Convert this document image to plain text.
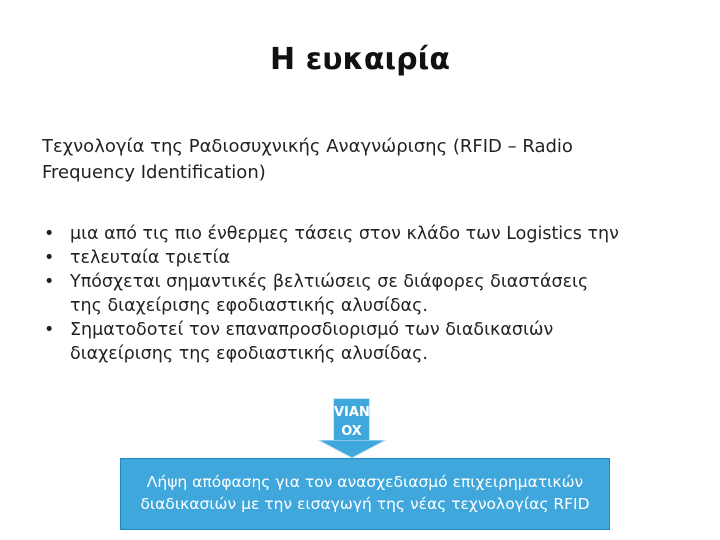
Η ευκαιρία
Τεχνολογία της Ραδιοσυχνικής Αναγνώρισης (RFID – Radio
Frequency Identification)
• μια από τις πιο ένθερμες τάσεις στον κλάδο των Logistics την
• τελευταία τριετία
• Υπόσχεται σημαντικές βελτιώσεις σε διάφορες διαστάσεις
της διαχείρισης εφοδιαστικής αλυσίδας.
• Σηματοδοτεί τον επαναπροσδιορισμό των διαδικασιών
διαχείρισης της εφοδιαστικής αλυσίδας.
VIAN
OX
Λήψη απόφασης για τον ανασχεδιασμό επιχειρηματικών
διαδικασιών με την εισαγωγή της νέας τεχνολογίας RFID
